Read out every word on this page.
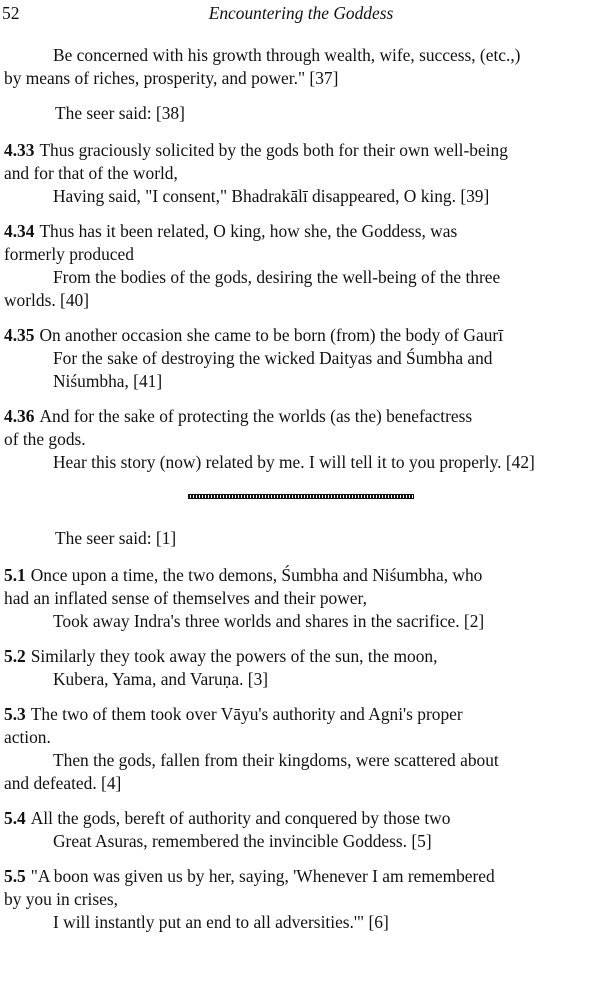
52	Encountering the Goddess

Be concerned with his growth through wealth, wife, success, (etc.,)
by means of riches, prosperity, and power." [37]

The seer said: [38]

4.33 Thus graciously solicited by the gods both for their own well-being
and for that of the world,
Having said, "I consent," Bhadrakālī disappeared, O king. [39]

4.34 Thus has it been related, O king, how she, the Goddess, was
formerly produced
From the bodies of the gods, desiring the well-being of the three
worlds. [40]

4.35 On another occasion she came to be born (from) the body of Gaurī
For the sake of destroying the wicked Daityas and Śumbha and
Niśumbha, [41]

4.36 And for the sake of protecting the worlds (as the) benefactress
of the gods.
Hear this story (now) related by me. I will tell it to you properly. [42]

The seer said: [1]

5.1 Once upon a time, the two demons, Śumbha and Niśumbha, who
had an inflated sense of themselves and their power,
Took away Indra's three worlds and shares in the sacrifice. [2]

5.2 Similarly they took away the powers of the sun, the moon,
Kubera, Yama, and Varuṇa. [3]

5.3 The two of them took over Vāyu's authority and Agni's proper
action.
Then the gods, fallen from their kingdoms, were scattered about
and defeated. [4]

5.4 All the gods, bereft of authority and conquered by those two
Great Asuras, remembered the invincible Goddess. [5]

5.5 "A boon was given us by her, saying, 'Whenever I am remembered
by you in crises,
I will instantly put an end to all adversities.'" [6]
